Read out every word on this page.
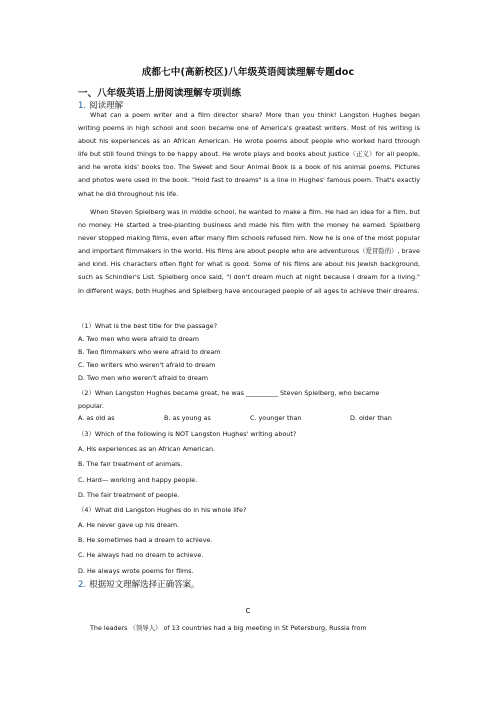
成都七中(高新校区)八年级英语阅读理解专题doc
一、八年级英语上册阅读理解专项训练
1. 阅读理解
What can a poem writer and a film director share? More than you think! Langston Hughes began writing poems in high school and soon became one of America's greatest writers. Most of his writing is about his experiences as an African American. He wrote poems about people who worked hard through life but still found things to be happy about. He wrote plays and books about justice（正义）for all people, and he wrote kids' books too. The Sweet and Sour Animal Book is a book of his animal poems. Pictures and photos were used in the book. "Hold fast to dreams" is a line in Hughes' famous poem. That's exactly what he did throughout his life.
When Steven Spielberg was in middle school, he wanted to make a film. He had an idea for a film, but no money. He started a tree-planting business and made his film with the money he earned. Spielberg never stopped making films, even after many film schools refused him. Now he is one of the most popular and important filmmakers in the world. His films are about people who are adventurous（爱冒险的）, brave and kind. His characters often fight for what is good. Some of his films are about his Jewish background, such as Schindler's List. Spielberg once said, "I don't dream much at night because I dream for a living." In different ways, both Hughes and Spielberg have encouraged people of all ages to achieve their dreams.
（1）What is the best title for the passage?
A. Two men who were afraid to dream
B. Two filmmakers who were afraid to dream
C. Two writers who weren't afraid to dream
D. Two men who weren't afraid to dream
（2）When Langston Hughes became great, he was __________ Steven Spielberg, who became
popular.
A. as old as	B. as young as	C. younger than	D. older than
（3）Which of the following is NOT Langston Hughes' writing about?
A. His experiences as an African American.
B. The fair treatment of animals.
C. Hard— working and happy people.
D. The fair treatment of people.
（4）What did Langston Hughes do in his whole life?
A. He never gave up his dream.
B. He sometimes had a dream to achieve.
C. He always had no dream to achieve.
D. He always wrote poems for films.
2. 根据短文理解选择正确答案。
C
The leaders （领导人） of 13 countries had a big meeting in St Petersburg, Russia from
